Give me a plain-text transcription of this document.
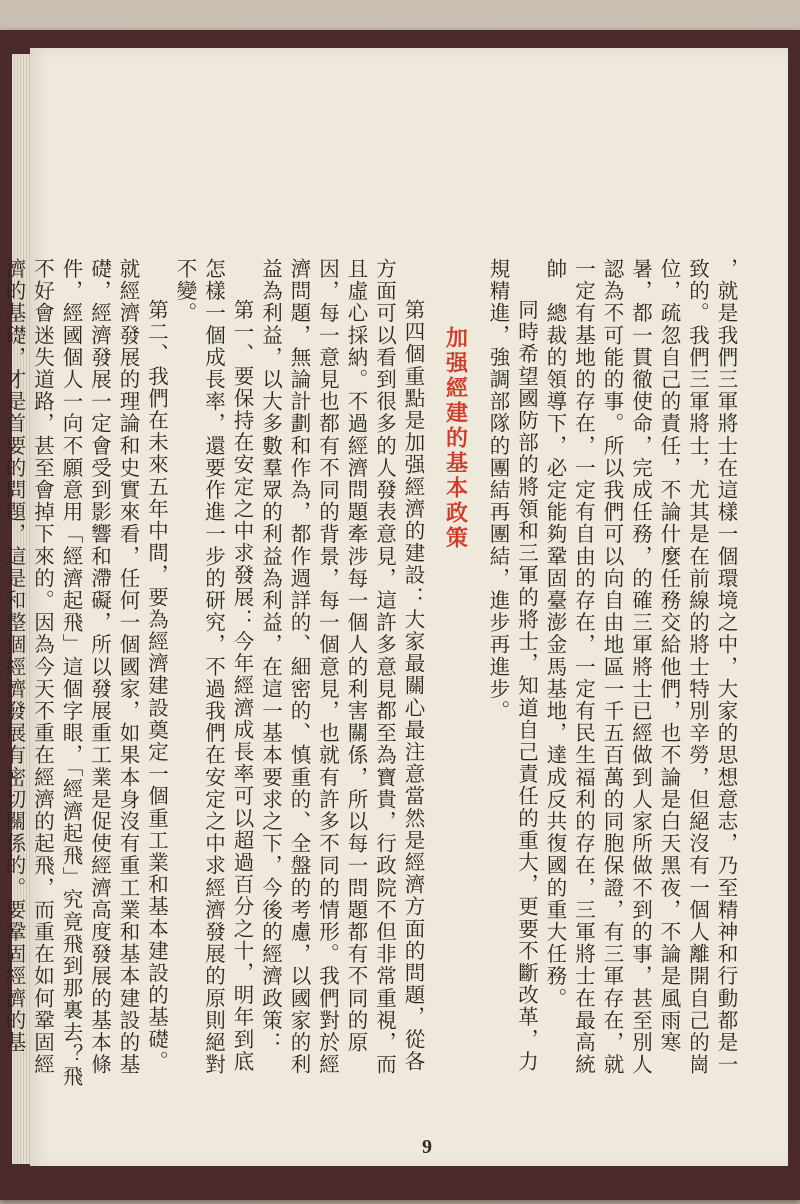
，就是我們三軍將士在這樣一個環境之中，大家的思想意志，乃至精神和行動都是一致的。我們三軍將士，尤其是在前線的將士特別辛勞，但絕沒有一個人離開自己的崗位，疏忽自己的責任，不論什麼任務交給他們，也不論是白天黑夜，不論是風雨寒暑，都一貫徹使命，完成任務，的確三軍將士已經做到人家所做不到的事，甚至別人認為不可能的事。所以我們可以向自由地區一千五百萬的同胞保證，有三軍存在，就一定有基地的存在，一定有自由的存在，一定有民生福利的存在，三軍將士在最高統帥　總裁的領導下，必定能夠鞏固臺澎金馬基地，達成反共復國的重大任務。

同時希望國防部的將領和三軍的將士，知道自己責任的重大，更要不斷改革，力規精進，強調部隊的團結再團結，進步再進步。

加强經建的基本政策

第四個重點是加强經濟的建設：大家最關心最注意當然是經濟方面的問題，從各方面可以看到很多的人發表意見，這許多意見都至為寶貴，行政院不但非常重視，而且虛心採納。不過經濟問題牽涉每一個人的利害關係，所以每一問題都有不同的原因，每一意見也都有不同的背景，每一個意見，也就有許多不同的情形。我們對於經濟問題，無論計劃和作為，都作週詳的、細密的、慎重的、全盤的考慮，以國家的利益為利益，以大多數羣眾的利益為利益，在這一基本要求之下，今後的經濟政策：

第一、要保持在安定之中求發展：今年經濟成長率可以超過百分之十，明年到底怎樣一個成長率，還要作進一步的研究，不過我們在安定之中求經濟發展的原則絕對不變。

第二、我們在未來五年中間，要為經濟建設奠定一個重工業和基本建設的基礎。就經濟發展的理論和史實來看，任何一個國家，如果本身沒有重工業和基本建設的基礎，經濟發展一定會受到影響和滯礙，所以發展重工業是促使經濟高度發展的基本條件，經國個人一向不願意用「經濟起飛」這個字眼，「經濟起飛」究竟飛到那裏去？飛不好會迷失道路，甚至會掉下來的。因為今天不重在經濟的起飛，而重在如何鞏固經濟的基礎，才是首要的問題，這是和整個經濟發展有密切關係的。要鞏固經濟的基

9
